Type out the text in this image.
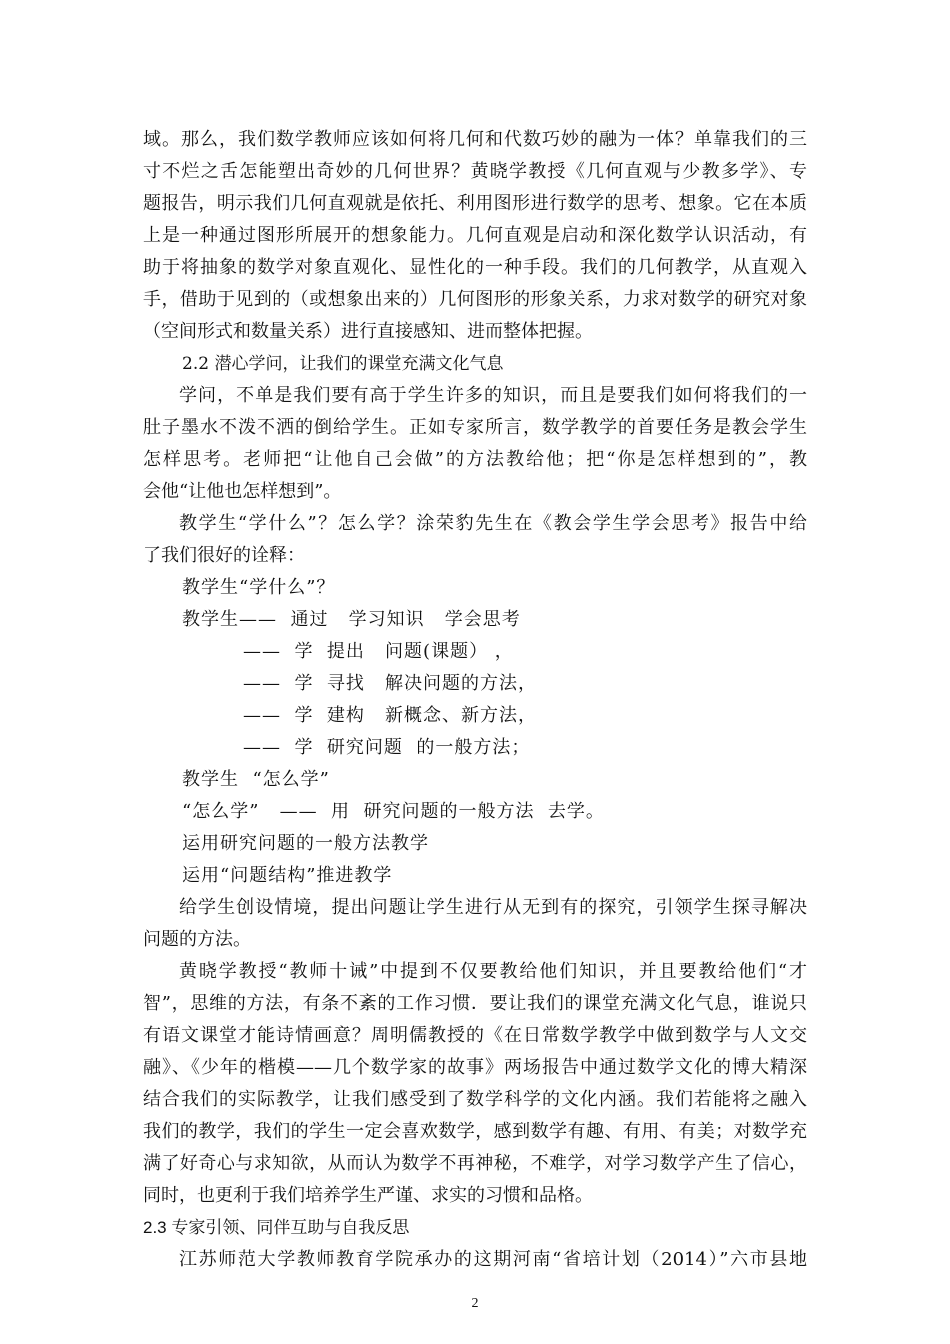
域。那么，我们数学教师应该如何将几何和代数巧妙的融为一体？单靠我们的三
寸不烂之舌怎能塑出奇妙的几何世界？黄晓学教授《几何直观与少教多学》、专
题报告，明示我们几何直观就是依托、利用图形进行数学的思考、想象。它在本质
上是一种通过图形所展开的想象能力。几何直观是启动和深化数学认识活动，有
助于将抽象的数学对象直观化、显性化的一种手段。我们的几何教学，从直观入
手，借助于见到的（或想象出来的）几何图形的形象关系，力求对数学的研究对象
（空间形式和数量关系）进行直接感知、进而整体把握。
2.2 潜心学问，让我们的课堂充满文化气息
学问，不单是我们要有高于学生许多的知识，而且是要我们如何将我们的一
肚子墨水不泼不洒的倒给学生。正如专家所言，数学教学的首要任务是教会学生
怎样思考。老师把“让他自己会做”的方法教给他；把“你是怎样想到的”，教
会他“让他也怎样想到”。
教学生“学什么”？怎么学？涂荣豹先生在《教会学生学会思考》报告中给
了我们很好的诠释：
教学生“学什么”？
教学生——  通过   学习知识   学会思考
——  学  提出   问题(课题） ，
——  学  寻找   解决问题的方法，
——  学  建构   新概念、新方法，
——  学  研究问题  的一般方法；
教学生  “怎么学”
“怎么学”   ——  用  研究问题的一般方法  去学。
运用研究问题的一般方法教学
运用“问题结构”推进教学
给学生创设情境，提出问题让学生进行从无到有的探究，引领学生探寻解决
问题的方法。
黄晓学教授“教师十诫”中提到不仅要教给他们知识，并且要教给他们“才
智”，思维的方法，有条不紊的工作习惯．要让我们的课堂充满文化气息，谁说只
有语文课堂才能诗情画意？周明儒教授的《在日常数学教学中做到数学与人文交
融》、《少年的楷模——几个数学家的故事》两场报告中通过数学文化的博大精深
结合我们的实际教学，让我们感受到了数学科学的文化内涵。我们若能将之融入
我们的教学，我们的学生一定会喜欢数学，感到数学有趣、有用、有美；对数学充
满了好奇心与求知欲，从而认为数学不再神秘，不难学，对学习数学产生了信心，
同时，也更利于我们培养学生严谨、求实的习惯和品格。
2.3 专家引领、同伴互助与自我反思
江苏师范大学教师教育学院承办的这期河南“省培计划（2014）”六市县地
2
